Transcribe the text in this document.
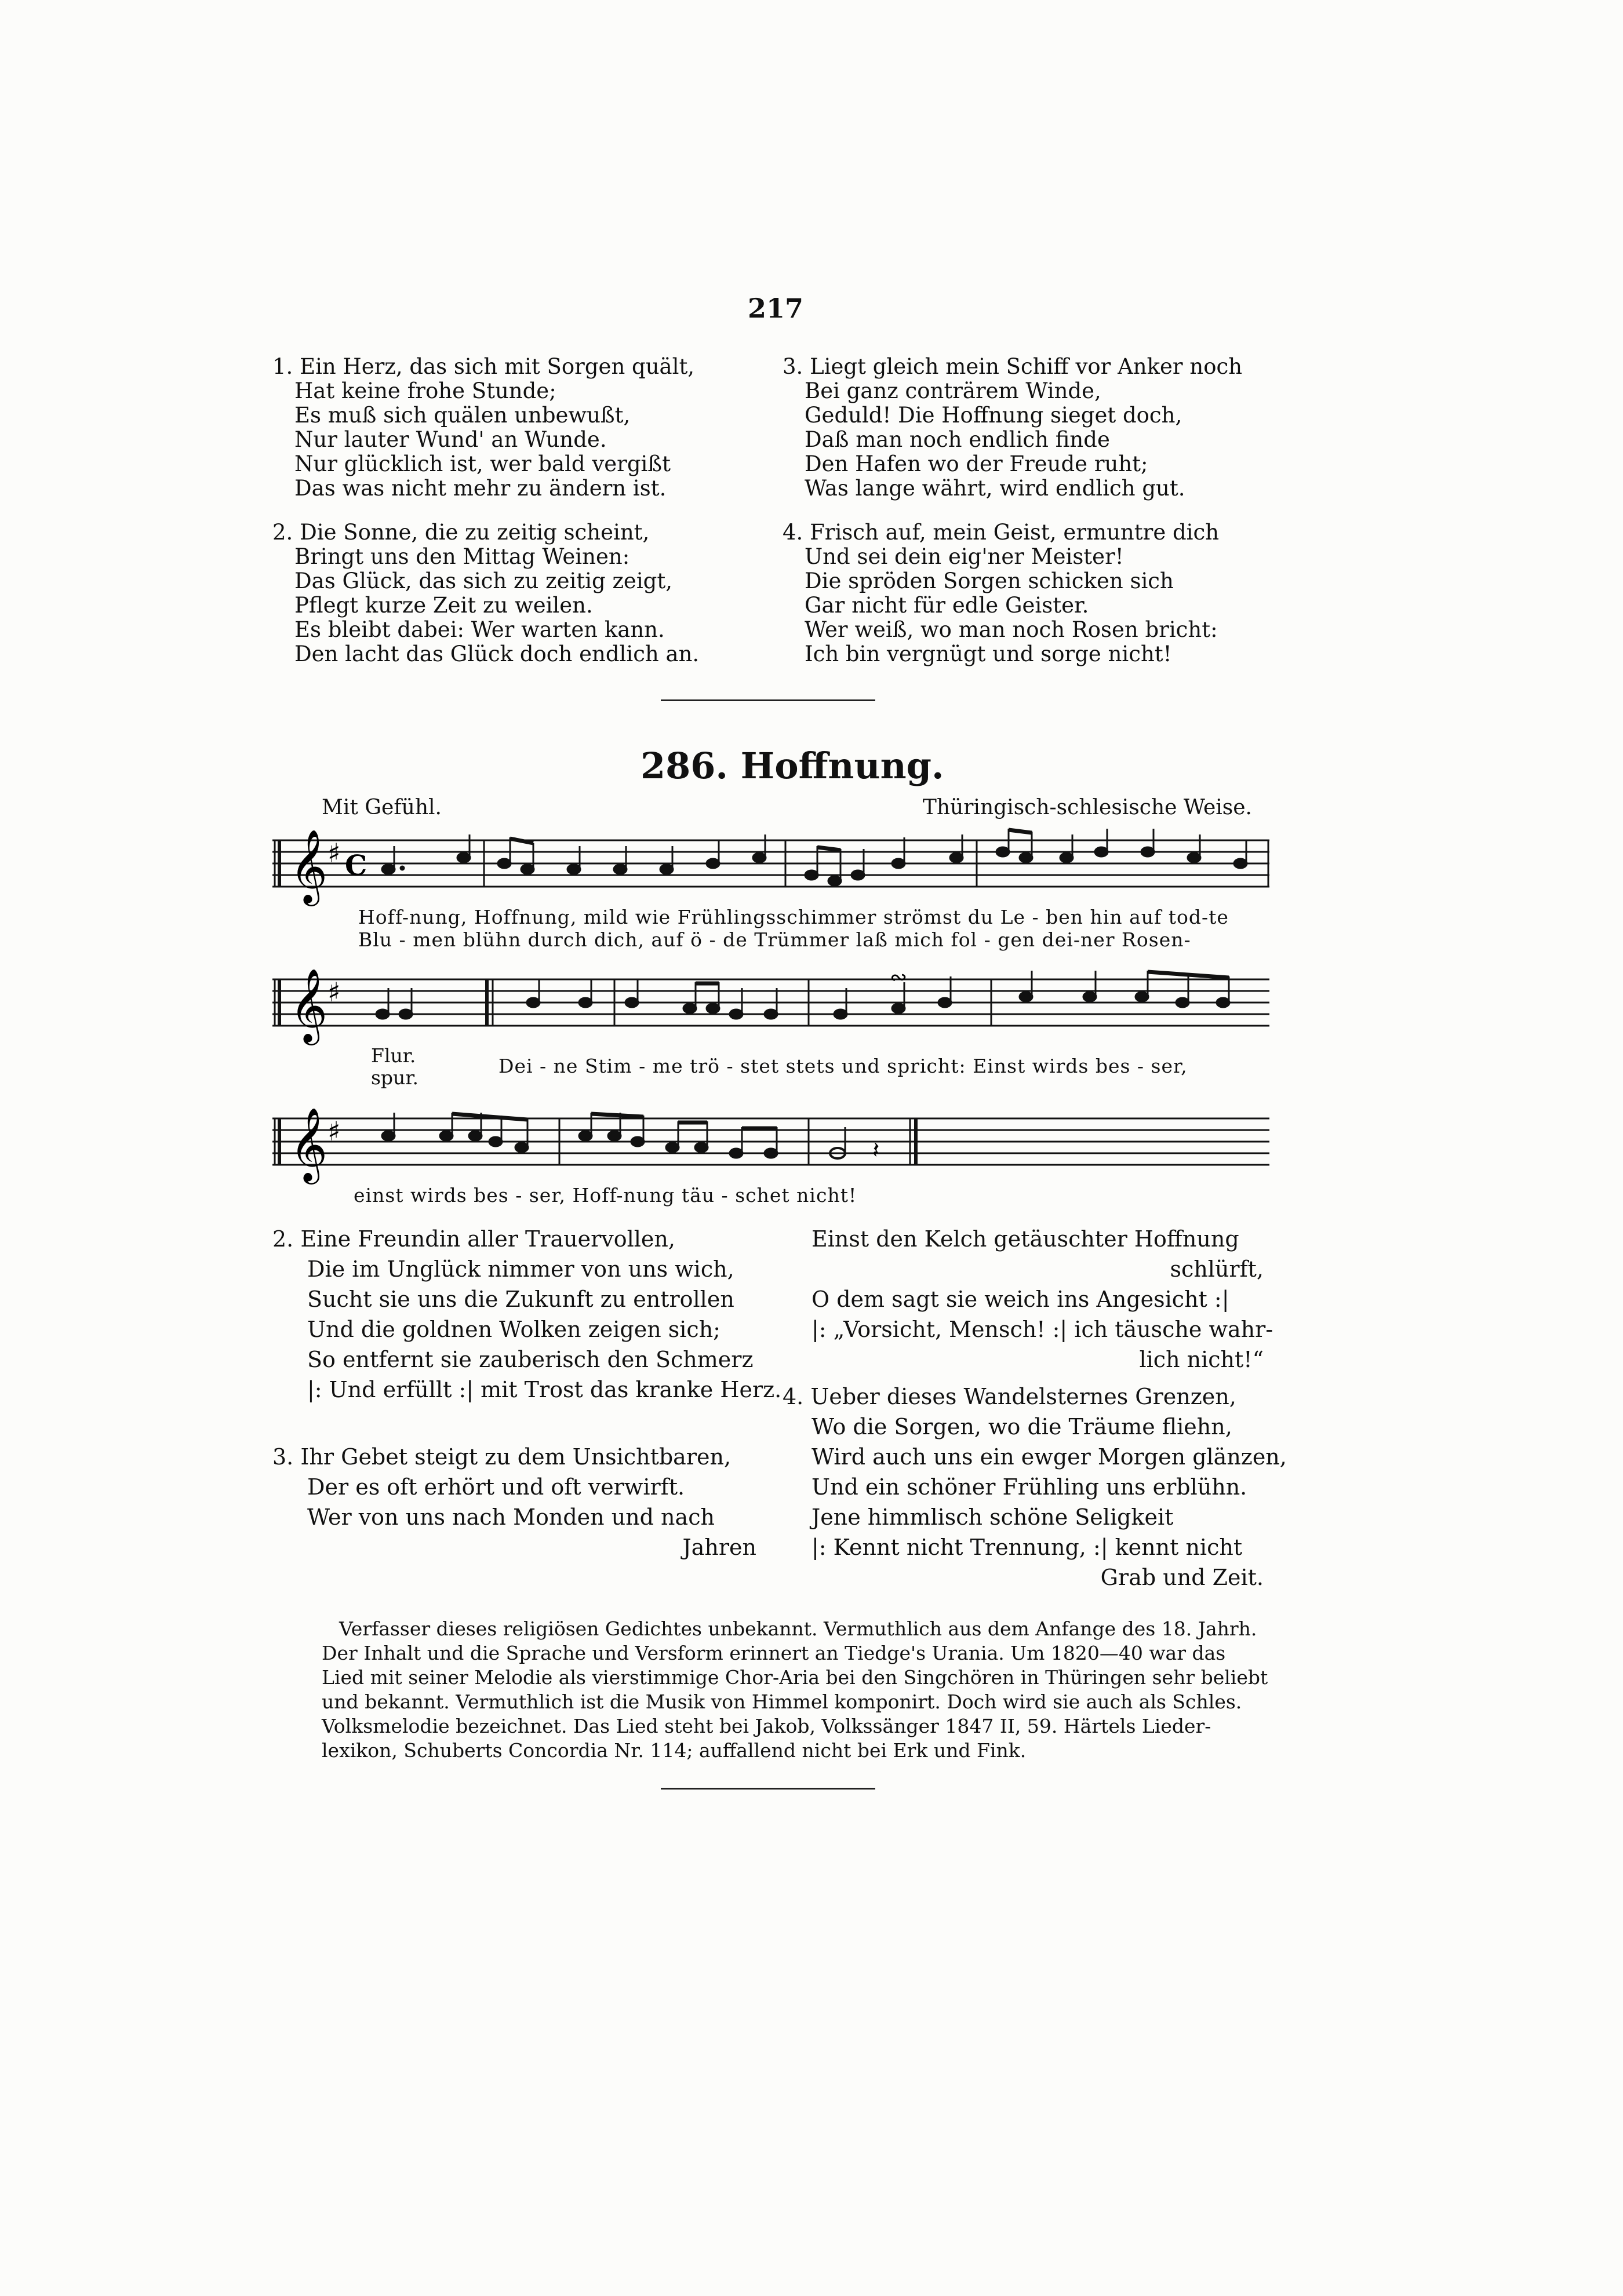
217
1. Ein Herz, das sich mit Sorgen quält,
Hat keine frohe Stunde;
Es muß sich quälen unbewußt,
Nur lauter Wund' an Wunde.
Nur glücklich ist, wer bald vergißt
Das was nicht mehr zu ändern ist.
2. Die Sonne, die zu zeitig scheint,
Bringt uns den Mittag Weinen:
Das Glück, das sich zu zeitig zeigt,
Pflegt kurze Zeit zu weilen.
Es bleibt dabei: Wer warten kann.
Den lacht das Glück doch endlich an.
3. Liegt gleich mein Schiff vor Anker noch
Bei ganz conträrem Winde,
Geduld! Die Hoffnung sieget doch,
Daß man noch endlich finde
Den Hafen wo der Freude ruht;
Was lange währt, wird endlich gut.
4. Frisch auf, mein Geist, ermuntre dich
Und sei dein eig'ner Meister!
Die spröden Sorgen schicken sich
Gar nicht für edle Geister.
Wer weiß, wo man noch Rosen bricht:
Ich bin vergnügt und sorge nicht!
286. Hoffnung.
Mit Gefühl.	Thüringisch-schlesische Weise.
𝄞 ♯ C
Hoff-nung, Hoffnung, mild wie Frühlingsschimmer strömst du Le - ben hin auf tod-te
Blu - men blühn durch dich, auf ö - de Trümmer laß mich fol - gen dei-ner Rosen-
𝄞 ♯	∾
Flur.
spur.
Dei - ne Stim - me trö - stet stets und spricht: Einst wirds bes - ser,
𝄞 ♯
𝄽
einst wirds bes - ser, Hoff-nung täu - schet nicht!
2. Eine Freundin aller Trauervollen,
Die im Unglück nimmer von uns wich,
Sucht sie uns die Zukunft zu entrollen
Und die goldnen Wolken zeigen sich;
So entfernt sie zauberisch den Schmerz
|: Und erfüllt :| mit Trost das kranke Herz.
3. Ihr Gebet steigt zu dem Unsichtbaren,
Der es oft erhört und oft verwirft.
Wer von uns nach Monden und nach
Jahren
Einst den Kelch getäuschter Hoffnung
schlürft,
O dem sagt sie weich ins Angesicht :|
|: „Vorsicht, Mensch! :| ich täusche wahr-
lich nicht!“
4. Ueber dieses Wandelsternes Grenzen,
Wo die Sorgen, wo die Träume fliehn,
Wird auch uns ein ewger Morgen glänzen,
Und ein schöner Frühling uns erblühn.
Jene himmlisch schöne Seligkeit
|: Kennt nicht Trennung, :| kennt nicht
Grab und Zeit.
Verfasser dieses religiösen Gedichtes unbekannt. Vermuthlich aus dem Anfange des 18. Jahrh.
Der Inhalt und die Sprache und Versform erinnert an Tiedge's Urania. Um 1820—40 war das
Lied mit seiner Melodie als vierstimmige Chor-Aria bei den Singchören in Thüringen sehr beliebt
und bekannt. Vermuthlich ist die Musik von Himmel komponirt. Doch wird sie auch als Schles.
Volksmelodie bezeichnet. Das Lied steht bei Jakob, Volkssänger 1847 II, 59. Härtels Lieder-
lexikon, Schuberts Concordia Nr. 114; auffallend nicht bei Erk und Fink.
